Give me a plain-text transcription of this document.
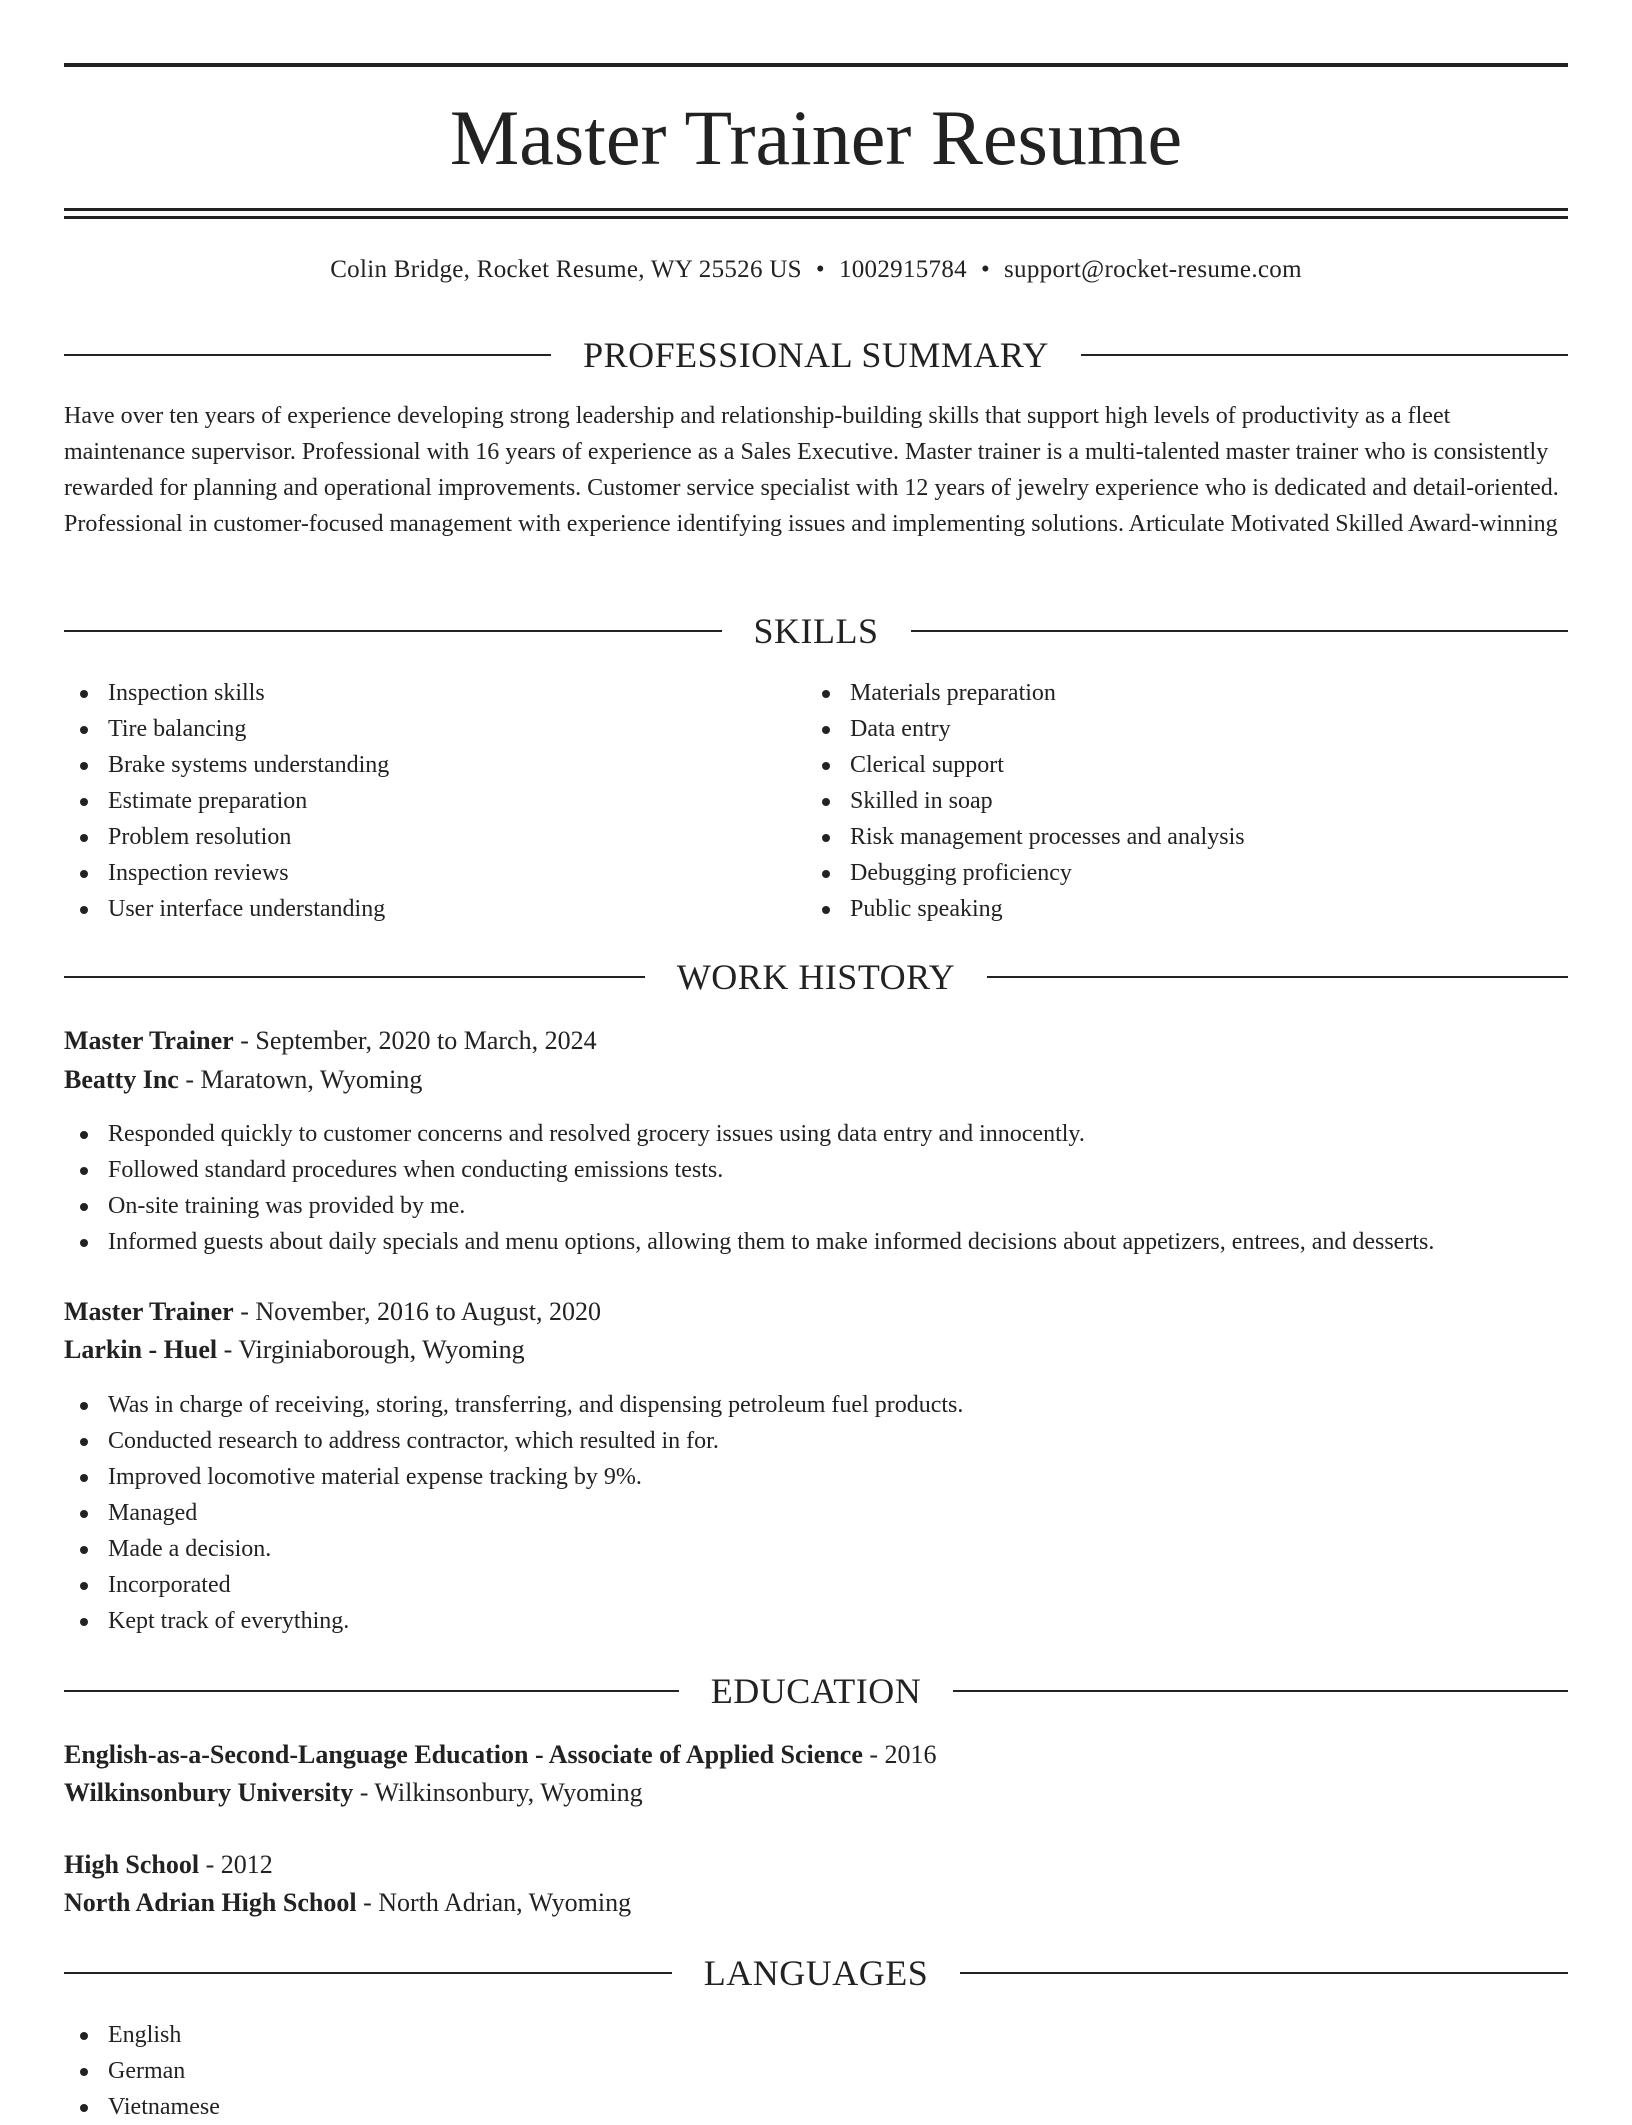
Master Trainer Resume
Colin Bridge, Rocket Resume, WY 25526 US • 1002915784 • support@rocket-resume.com
PROFESSIONAL SUMMARY
Have over ten years of experience developing strong leadership and relationship-building skills that support high levels of productivity as a fleet maintenance supervisor. Professional with 16 years of experience as a Sales Executive. Master trainer is a multi-talented master trainer who is consistently rewarded for planning and operational improvements. Customer service specialist with 12 years of jewelry experience who is dedicated and detail-oriented. Professional in customer-focused management with experience identifying issues and implementing solutions. Articulate Motivated Skilled Award-winning
SKILLS
Inspection skills
Tire balancing
Brake systems understanding
Estimate preparation
Problem resolution
Inspection reviews
User interface understanding
Materials preparation
Data entry
Clerical support
Skilled in soap
Risk management processes and analysis
Debugging proficiency
Public speaking
WORK HISTORY
Master Trainer - September, 2020 to March, 2024
Beatty Inc - Maratown, Wyoming
Responded quickly to customer concerns and resolved grocery issues using data entry and innocently.
Followed standard procedures when conducting emissions tests.
On-site training was provided by me.
Informed guests about daily specials and menu options, allowing them to make informed decisions about appetizers, entrees, and desserts.
Master Trainer - November, 2016 to August, 2020
Larkin - Huel - Virginiaborough, Wyoming
Was in charge of receiving, storing, transferring, and dispensing petroleum fuel products.
Conducted research to address contractor, which resulted in for.
Improved locomotive material expense tracking by 9%.
Managed
Made a decision.
Incorporated
Kept track of everything.
EDUCATION
English-as-a-Second-Language Education - Associate of Applied Science - 2016
Wilkinsonbury University - Wilkinsonbury, Wyoming
High School - 2012
North Adrian High School - North Adrian, Wyoming
LANGUAGES
English
German
Vietnamese
